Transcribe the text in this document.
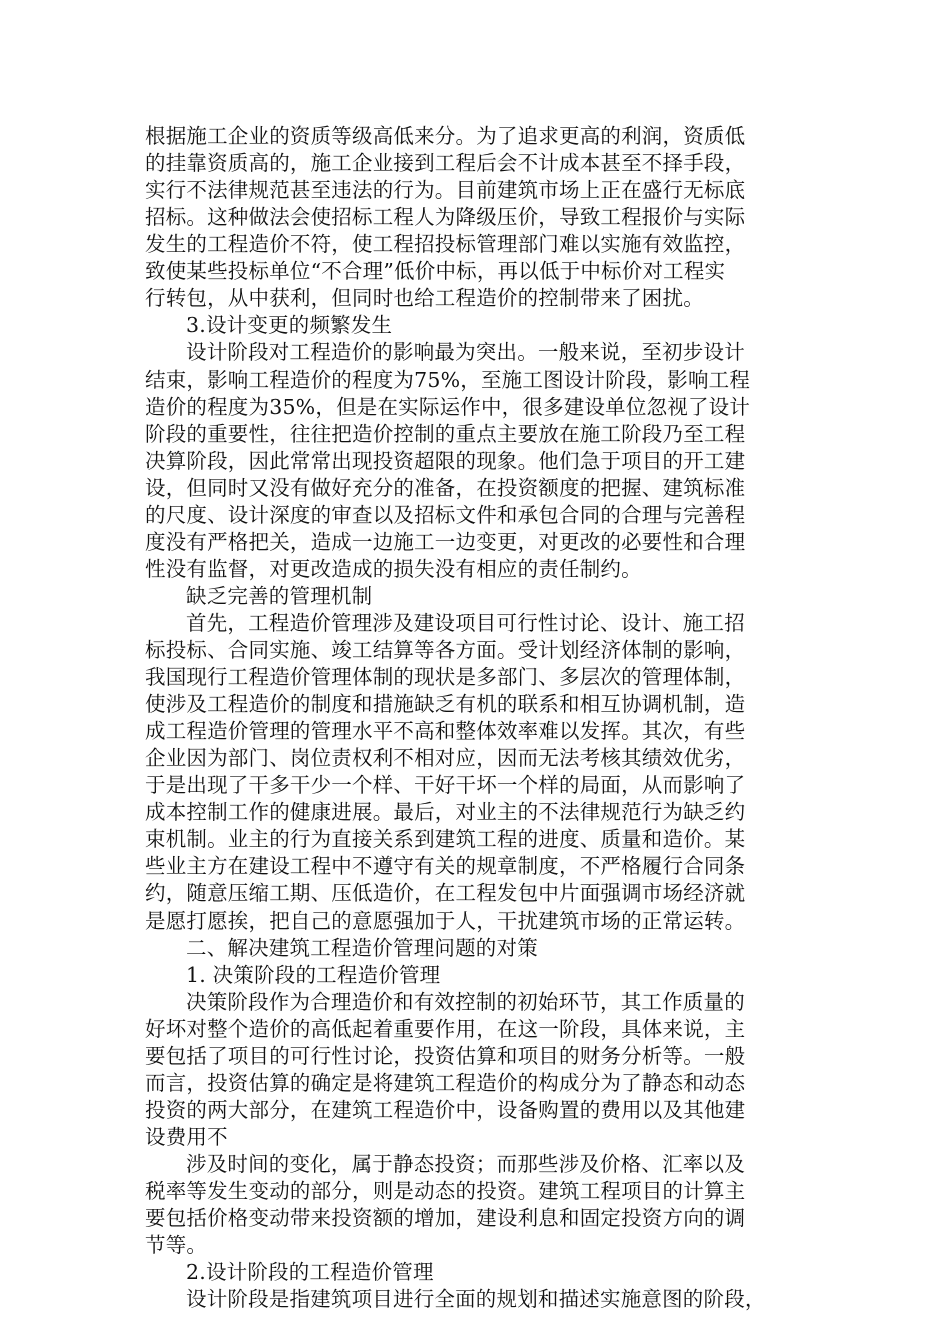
根据施工企业的资质等级高低来分。为了追求更高的利润，资质低
的挂靠资质高的，施工企业接到工程后会不计成本甚至不择手段，
实行不法律规范甚至违法的行为。目前建筑市场上正在盛行无标底
招标。这种做法会使招标工程人为降级压价，导致工程报价与实际
发生的工程造价不符，使工程招投标管理部门难以实施有效监控，
致使某些投标单位“不合理”低价中标，再以低于中标价对工程实
行转包，从中获利，但同时也给工程造价的控制带来了困扰。
3.设计变更的频繁发生
设计阶段对工程造价的影响最为突出。一般来说，至初步设计
结束，影响工程造价的程度为75%，至施工图设计阶段，影响工程
造价的程度为35%，但是在实际运作中，很多建设单位忽视了设计
阶段的重要性，往往把造价控制的重点主要放在施工阶段乃至工程
决算阶段，因此常常出现投资超限的现象。他们急于项目的开工建
设，但同时又没有做好充分的准备，在投资额度的把握、建筑标准
的尺度、设计深度的审查以及招标文件和承包合同的合理与完善程
度没有严格把关，造成一边施工一边变更，对更改的必要性和合理
性没有监督，对更改造成的损失没有相应的责任制约。
缺乏完善的管理机制
首先，工程造价管理涉及建设项目可行性讨论、设计、施工招
标投标、合同实施、竣工结算等各方面。受计划经济体制的影响，
我国现行工程造价管理体制的现状是多部门、多层次的管理体制，
使涉及工程造价的制度和措施缺乏有机的联系和相互协调机制，造
成工程造价管理的管理水平不高和整体效率难以发挥。其次，有些
企业因为部门、岗位责权利不相对应，因而无法考核其绩效优劣，
于是出现了干多干少一个样、干好干坏一个样的局面，从而影响了
成本控制工作的健康进展。最后，对业主的不法律规范行为缺乏约
束机制。业主的行为直接关系到建筑工程的进度、质量和造价。某
些业主方在建设工程中不遵守有关的规章制度，不严格履行合同条
约，随意压缩工期、压低造价，在工程发包中片面强调市场经济就
是愿打愿挨，把自己的意愿强加于人，干扰建筑市场的正常运转。
二、解决建筑工程造价管理问题的对策
1. 决策阶段的工程造价管理
决策阶段作为合理造价和有效控制的初始环节，其工作质量的
好坏对整个造价的高低起着重要作用，在这一阶段，具体来说，主
要包括了项目的可行性讨论，投资估算和项目的财务分析等。一般
而言，投资估算的确定是将建筑工程造价的构成分为了静态和动态
投资的两大部分，在建筑工程造价中，设备购置的费用以及其他建
设费用不
涉及时间的变化，属于静态投资；而那些涉及价格、汇率以及
税率等发生变动的部分，则是动态的投资。建筑工程项目的计算主
要包括价格变动带来投资额的增加，建设利息和固定投资方向的调
节等。
2.设计阶段的工程造价管理
设计阶段是指建筑项目进行全面的规划和描述实施意图的阶段，
